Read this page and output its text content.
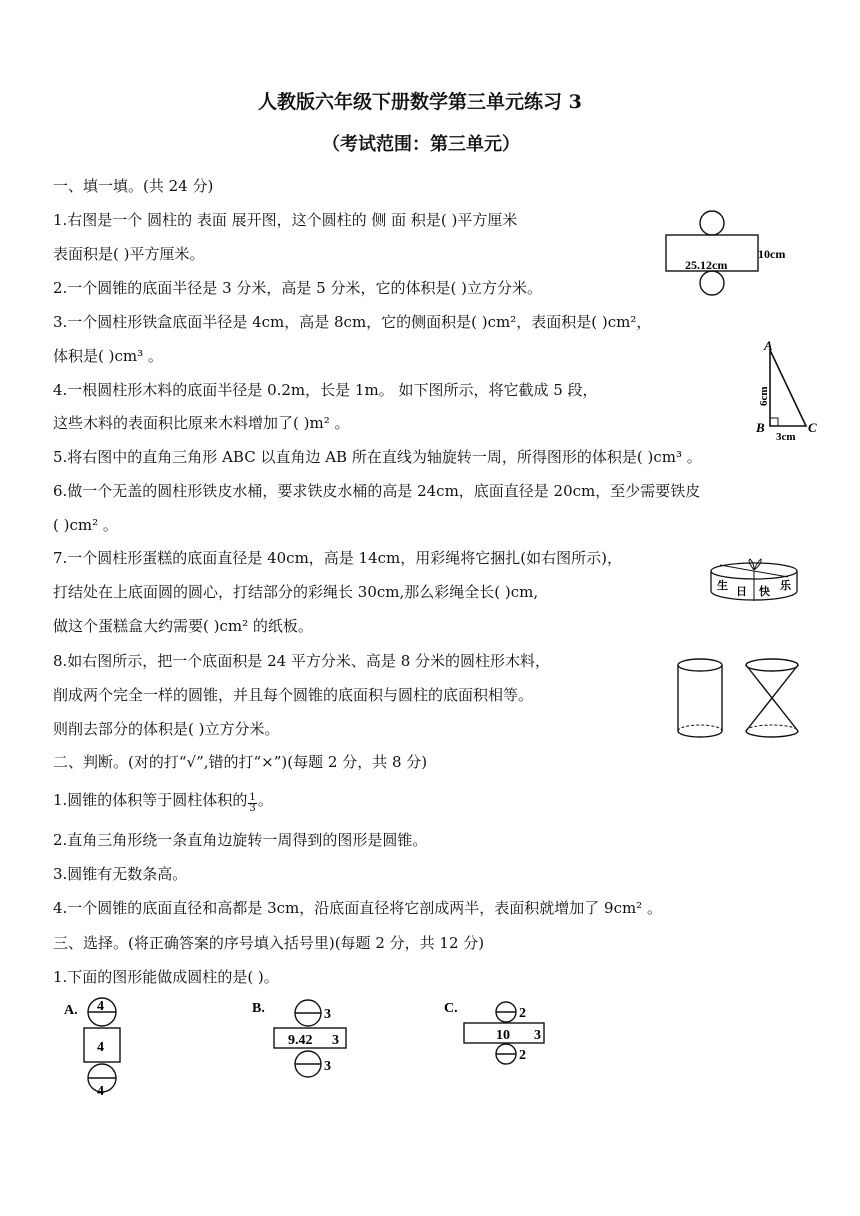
人教版六年级下册数学第三单元练习 3
（考试范围：第三单元）
一、填一填。(共 24 分)
1.右图是一个 圆柱的 表面 展开图，这个圆柱的 侧 面 积是( )平方厘米
表面积是( )平方厘米。
2.一个圆锥的底面半径是 3 分米，高是 5 分米，它的体积是( )立方分米。
3.一个圆柱形铁盒底面半径是 4cm，高是 8cm，它的侧面积是( )cm²，表面积是( )cm²，
体积是( )cm³ 。
4.一根圆柱形木料的底面半径是 0.2m，长是 1m。 如下图所示，将它截成 5 段，
这些木料的表面积比原来木料增加了( )m² 。
5.将右图中的直角三角形 ABC 以直角边 AB 所在直线为轴旋转一周，所得图形的体积是( )cm³ 。
6.做一个无盖的圆柱形铁皮水桶，要求铁皮水桶的高是 24cm，底面直径是 20cm，至少需要铁皮
( )cm² 。
7.一个圆柱形蛋糕的底面直径是 40cm，高是 14cm，用彩绳将它捆扎(如右图所示)，
打结处在上底面圆的圆心，打结部分的彩绳长 30cm,那么彩绳全长( )cm,
做这个蛋糕盒大约需要( )cm² 的纸板。
8.如右图所示，把一个底面积是 24 平方分米、高是 8 分米的圆柱形木料，
削成两个完全一样的圆锥，并且每个圆锥的底面积与圆柱的底面积相等。
则削去部分的体积是( )立方分米。
二、判断。(对的打“√”,错的打“×”)(每题 2 分，共 8 分)
1.圆锥的体积等于圆柱体积的 $\frac{1}{3}$ 。
2.直角三角形绕一条直角边旋转一周得到的图形是圆锥。
3.圆锥有无数条高。
4.一个圆锥的底面直径和高都是 3cm，沿底面直径将它剖成两半，表面积就增加了 9cm² 。
三、选择。(将正确答案的序号填入括号里)(每题 2 分，共 12 分)
1.下面的图形能做成圆柱的是( )。
25.12cm
10cm
A
B	C
6cm
3cm
生 日 快 乐
A. 4
4
4
B.	3
9.42 3
3
C.	2
10 3
2
